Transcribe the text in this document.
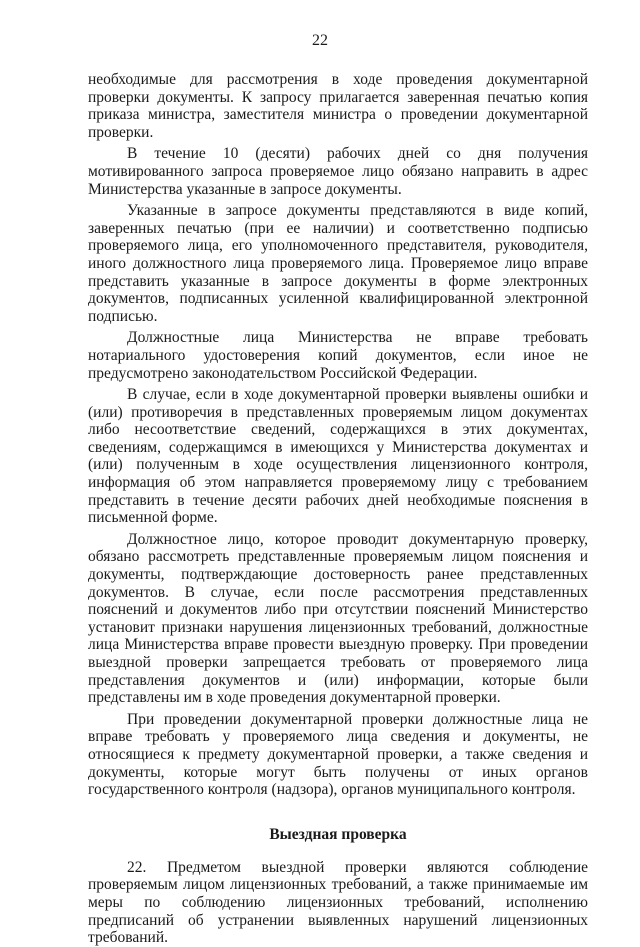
22

необходимые для рассмотрения в ходе проведения документарной проверки документы. К запросу прилагается заверенная печатью копия приказа министра, заместителя министра о проведении документарной проверки.

В течение 10 (десяти) рабочих дней со дня получения мотивированного запроса проверяемое лицо обязано направить в адрес Министерства указанные в запросе документы.

Указанные в запросе документы представляются в виде копий, заверенных печатью (при ее наличии) и соответственно подписью проверяемого лица, его уполномоченного представителя, руководителя, иного должностного лица проверяемого лица. Проверяемое лицо вправе представить указанные в запросе документы в форме электронных документов, подписанных усиленной квалифицированной электронной подписью.

Должностные лица Министерства не вправе требовать нотариального удостоверения копий документов, если иное не предусмотрено законодательством Российской Федерации.

В случае, если в ходе документарной проверки выявлены ошибки и (или) противоречия в представленных проверяемым лицом документах либо несоответствие сведений, содержащихся в этих документах, сведениям, содержащимся в имеющихся у Министерства документах и (или) полученным в ходе осуществления лицензионного контроля, информация об этом направляется проверяемому лицу с требованием представить в течение десяти рабочих дней необходимые пояснения в письменной форме.

Должностное лицо, которое проводит документарную проверку, обязано рассмотреть представленные проверяемым лицом пояснения и документы, подтверждающие достоверность ранее представленных документов. В случае, если после рассмотрения представленных пояснений и документов либо при отсутствии пояснений Министерство установит признаки нарушения лицензионных требований, должностные лица Министерства вправе провести выездную проверку. При проведении выездной проверки запрещается требовать от проверяемого лица представления документов и (или) информации, которые были представлены им в ходе проведения документарной проверки.

При проведении документарной проверки должностные лица не вправе требовать у проверяемого лица сведения и документы, не относящиеся к предмету документарной проверки, а также сведения и документы, которые могут быть получены от иных органов государственного контроля (надзора), органов муниципального контроля.

Выездная проверка

22. Предметом выездной проверки являются соблюдение проверяемым лицом лицензионных требований, а также принимаемые им меры по соблюдению лицензионных требований, исполнению предписаний об устранении выявленных нарушений лицензионных требований.
